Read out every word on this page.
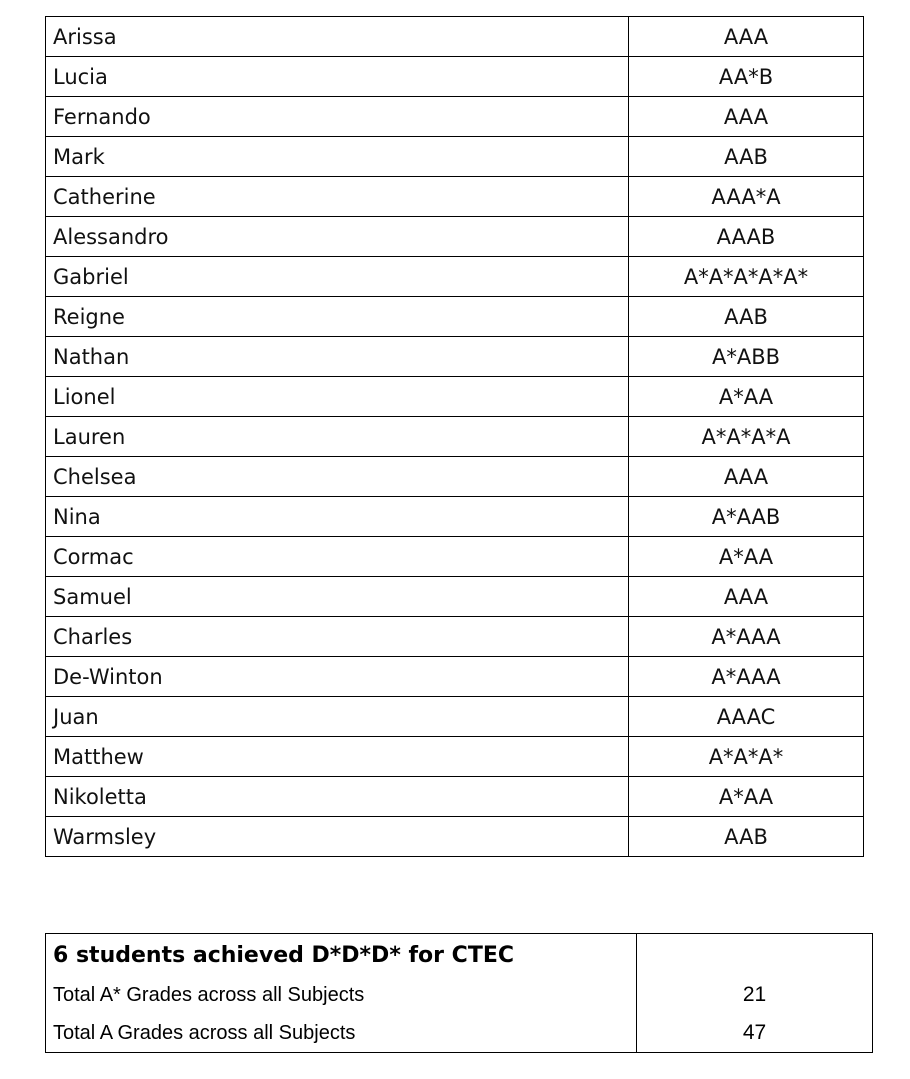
Arissa	AAA
Lucia	AA*B
Fernando	AAA
Mark	AAB
Catherine	AAA*A
Alessandro	AAAB
Gabriel	A*A*A*A*A*
Reigne	AAB
Nathan	A*ABB
Lionel	A*AA
Lauren	A*A*A*A
Chelsea	AAA
Nina	A*AAB
Cormac	A*AA
Samuel	AAA
Charles	A*AAA
De-Winton	A*AAA
Juan	AAAC
Matthew	A*A*A*
Nikoletta	A*AA
Warmsley	AAB
6 students achieved D*D*D* for CTEC	
Total A* Grades across all Subjects	21
Total A Grades across all Subjects	47
